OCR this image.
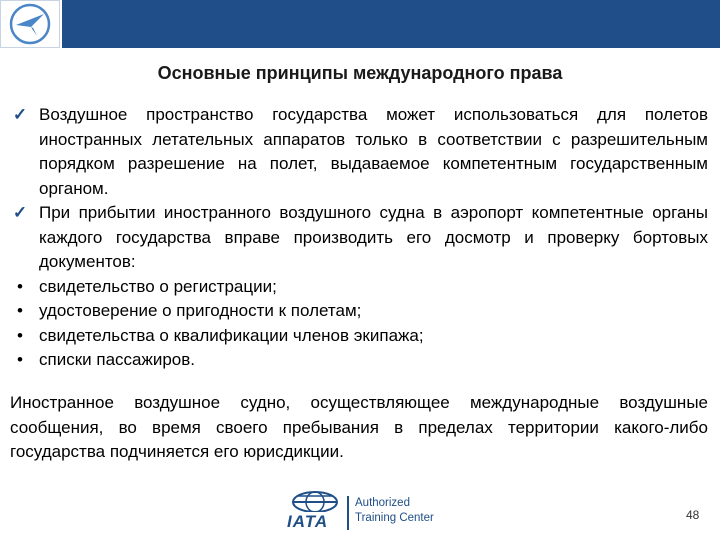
Основные принципы международного права
✓ Воздушное пространство государства может использоваться для полетов иностранных летательных аппаратов только в соответствии с разрешительным порядком разрешение на полет, выдаваемое компетентным государственным органом.
✓ При прибытии иностранного воздушного судна в аэропорт компетентные органы каждого государства вправе производить его досмотр и проверку бортовых документов:
• свидетельство о регистрации;
• удостоверение о пригодности к полетам;
• свидетельства о квалификации членов экипажа;
• списки пассажиров.

Иностранное воздушное судно, осуществляющее международные воздушные сообщения, во время своего пребывания в пределах территории какого-либо государства подчиняется его юрисдикции.

IATA
Authorized
Training Center	48
